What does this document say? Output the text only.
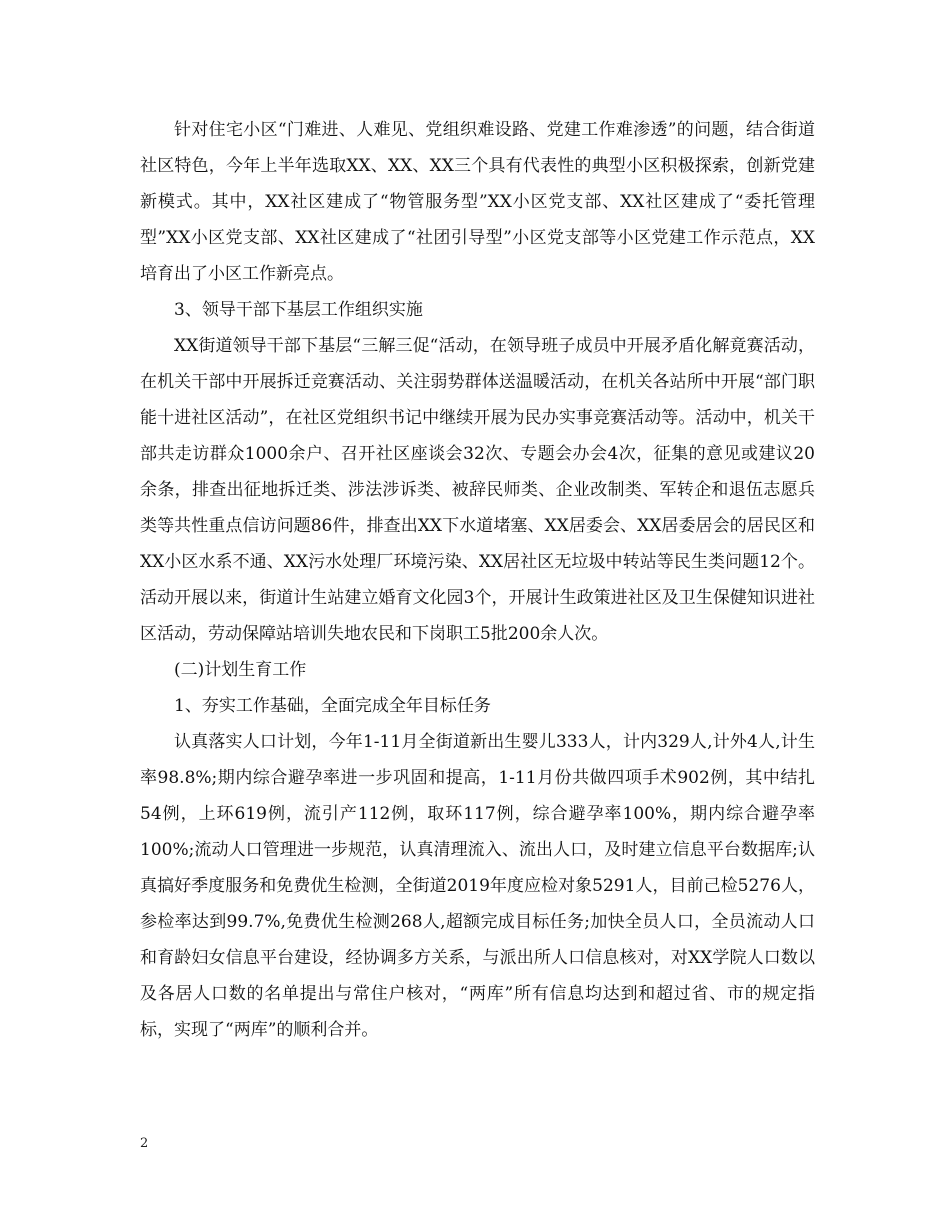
针对住宅小区“门难进、人难见、党组织难设路、党建工作难渗透”的问题，结合街道社区特色，今年上半年选取XX、XX、XX三个具有代表性的典型小区积极探索，创新党建新模式。其中，XX社区建成了“物管服务型”XX小区党支部、XX社区建成了“委托管理型”XX小区党支部、XX社区建成了“社团引导型”小区党支部等小区党建工作示范点，XX培育出了小区工作新亮点。

3、领导干部下基层工作组织实施

XX街道领导干部下基层“三解三促“活动，在领导班子成员中开展矛盾化解竟赛活动，在机关干部中开展拆迁竞赛活动、关注弱势群体送温暖活动，在机关各站所中开展“部门职能十进社区活动”，在社区党组织书记中继续开展为民办实事竞赛活动等。活动中，机关干部共走访群众1000余户、召开社区座谈会32次、专题会办会4次，征集的意见或建议20余条，排查出征地拆迁类、涉法涉诉类、被辞民师类、企业改制类、军转企和退伍志愿兵类等共性重点信访问题86件，排查出XX下水道堵塞、XX居委会、XX居委居会的居民区和XX小区水系不通、XX污水处理厂环境污染、XX居社区无垃圾中转站等民生类问题12个。活动开展以来，街道计生站建立婚育文化园3个，开展计生政策进社区及卫生保健知识进社区活动，劳动保障站培训失地农民和下岗职工5批200余人次。

(二)计划生育工作

1、夯实工作基础，全面完成全年目标任务

认真落实人口计划，今年1-11月全街道新出生婴儿333人，计内329人,计外4人,计生率98.8%;期内综合避孕率进一步巩固和提高，1-11月份共做四项手术902例，其中结扎54例，上环619例，流引产112例，取环117例，综合避孕率100%，期内综合避孕率100%;流动人口管理进一步规范，认真清理流入、流出人口，及时建立信息平台数据库;认真搞好季度服务和免费优生检测，全街道2019年度应检对象5291人，目前己检5276人，参检率达到99.7%,免费优生检测268人,超额完成目标任务;加快全员人口，全员流动人口和育龄妇女信息平台建设，经协调多方关系，与派出所人口信息核对，对XX学院人口数以及各居人口数的名单提出与常住户核对，“两库”所有信息均达到和超过省、市的规定指标，实现了“两库”的顺利合并。

2
